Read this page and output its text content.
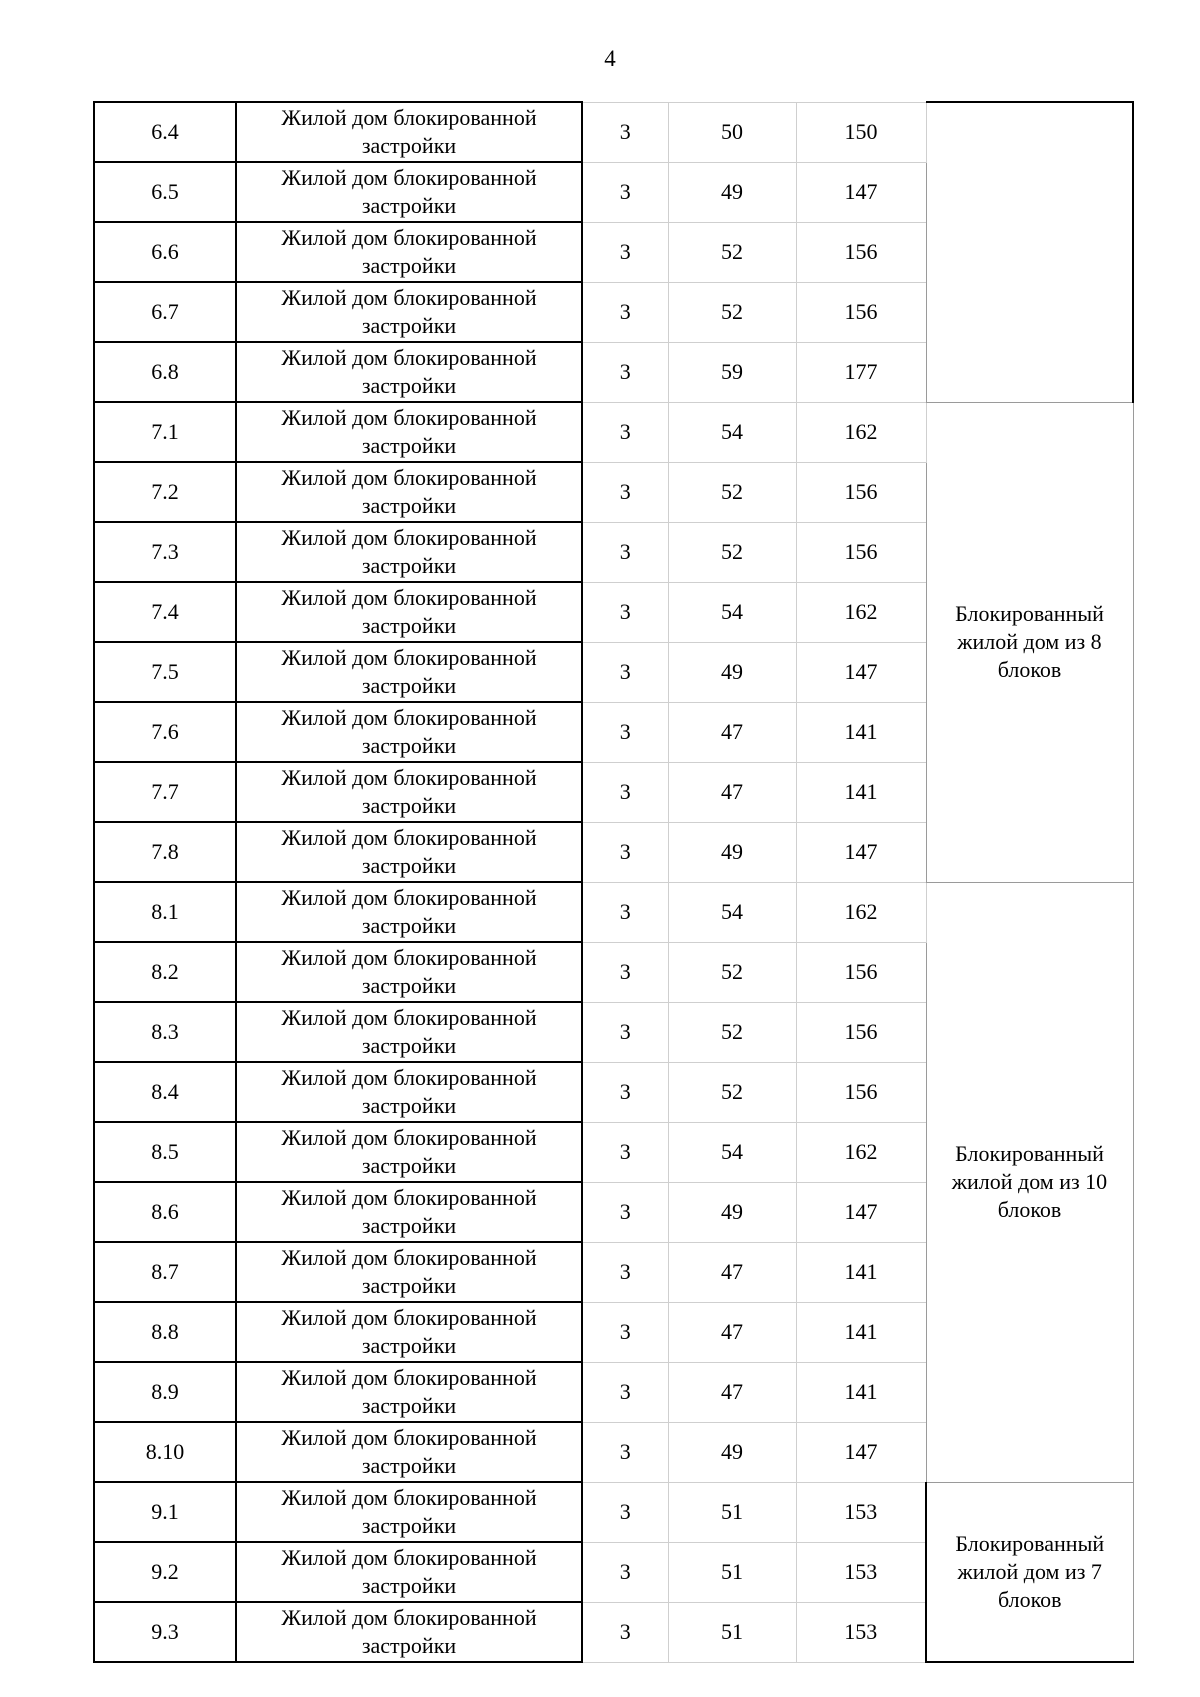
4
6.4	Жилой дом блокированной застройки	3	50	150	

6.5	Жилой дом блокированной застройки	3	49	147	
6.6	Жилой дом блокированной застройки	3	52	156	
6.7	Жилой дом блокированной застройки	3	52	156	
6.8	Жилой дом блокированной застройки	3	59	177	
7.1	Жилой дом блокированной застройки	3	54	162	Блокированный жилой дом из 8 блоков

7.2	Жилой дом блокированной застройки	3	52	156	
7.3	Жилой дом блокированной застройки	3	52	156	
7.4	Жилой дом блокированной застройки	3	54	162	
7.5	Жилой дом блокированной застройки	3	49	147	
7.6	Жилой дом блокированной застройки	3	47	141	
7.7	Жилой дом блокированной застройки	3	47	141	
7.8	Жилой дом блокированной застройки	3	49	147	
8.1	Жилой дом блокированной застройки	3	54	162	Блокированный жилой дом из 10 блоков

8.2	Жилой дом блокированной застройки	3	52	156	
8.3	Жилой дом блокированной застройки	3	52	156	
8.4	Жилой дом блокированной застройки	3	52	156	
8.5	Жилой дом блокированной застройки	3	54	162	
8.6	Жилой дом блокированной застройки	3	49	147	
8.7	Жилой дом блокированной застройки	3	47	141	
8.8	Жилой дом блокированной застройки	3	47	141	
8.9	Жилой дом блокированной застройки	3	47	141	
8.10	Жилой дом блокированной застройки	3	49	147	
9.1	Жилой дом блокированной застройки	3	51	153	Блокированный жилой дом из 7 блоков

9.2	Жилой дом блокированной застройки	3	51	153	
9.3	Жилой дом блокированной застройки	3	51	153	
